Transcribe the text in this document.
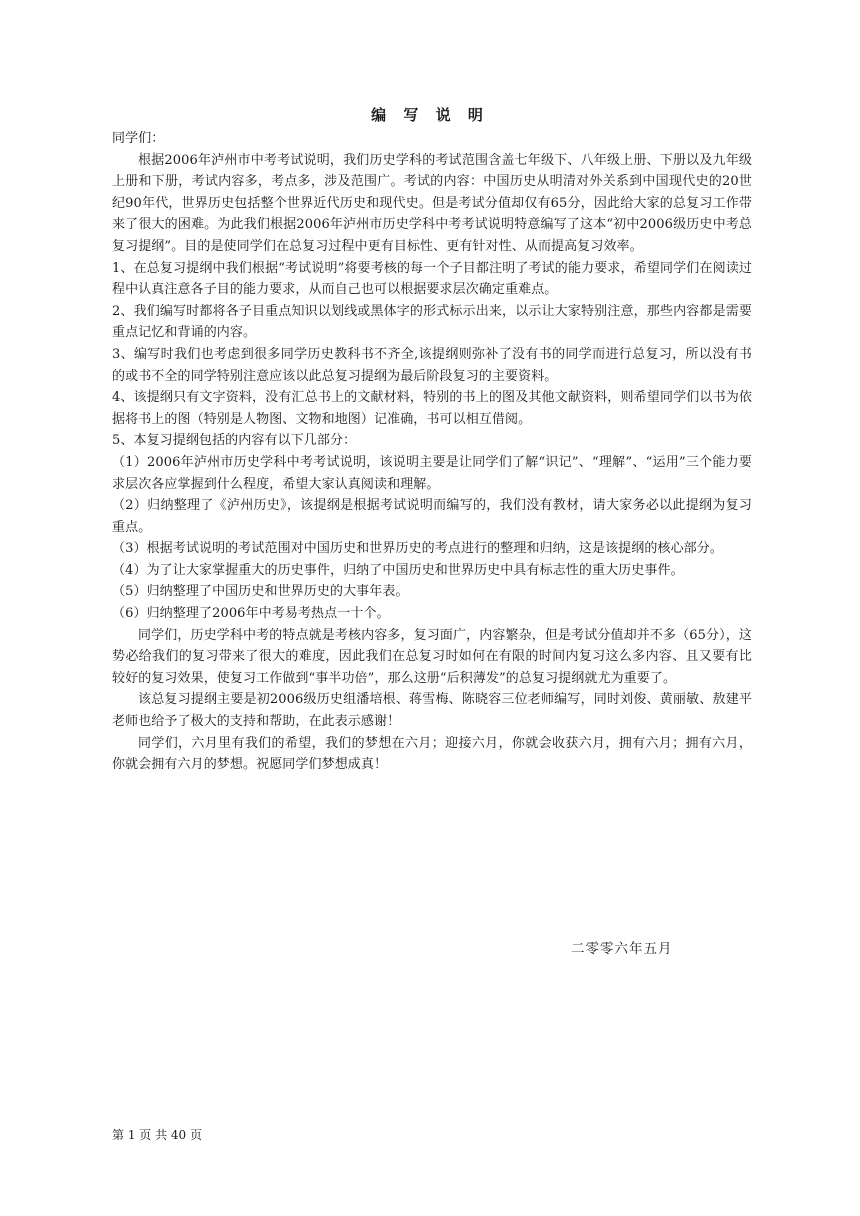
编 写 说 明

同学们：

根据2006年泸州市中考考试说明，我们历史学科的考试范围含盖七年级下、八年级上册、下册以及九年级上册和下册，考试内容多，考点多，涉及范围广。考试的内容：中国历史从明清对外关系到中国现代史的20世纪90年代，世界历史包括整个世界近代历史和现代史。但是考试分值却仅有65分，因此给大家的总复习工作带来了很大的困难。为此我们根据2006年泸州市历史学科中考考试说明特意编写了这本“初中2006级历史中考总复习提纲”。目的是使同学们在总复习过程中更有目标性、更有针对性、从而提高复习效率。

1、在总复习提纲中我们根据“考试说明”将要考核的每一个子目都注明了考试的能力要求，希望同学们在阅读过程中认真注意各子目的能力要求，从而自己也可以根据要求层次确定重难点。

2、我们编写时都将各子目重点知识以划线或黑体字的形式标示出来，以示让大家特别注意，那些内容都是需要重点记忆和背诵的内容。

3、编写时我们也考虑到很多同学历史教科书不齐全,该提纲则弥补了没有书的同学而进行总复习，所以没有书的或书不全的同学特别注意应该以此总复习提纲为最后阶段复习的主要资料。

4、该提纲只有文字资料，没有汇总书上的文献材料，特别的书上的图及其他文献资料，则希望同学们以书为依据将书上的图（特别是人物图、文物和地图）记准确，书可以相互借阅。

5、本复习提纲包括的内容有以下几部分：

（1）2006年泸州市历史学科中考考试说明，该说明主要是让同学们了解“识记”、“理解”、“运用”三个能力要求层次各应掌握到什么程度，希望大家认真阅读和理解。

（2）归纳整理了《泸州历史》，该提纲是根据考试说明而编写的，我们没有教材，请大家务必以此提纲为复习重点。

（3）根据考试说明的考试范围对中国历史和世界历史的考点进行的整理和归纳，这是该提纲的核心部分。

（4）为了让大家掌握重大的历史事件，归纳了中国历史和世界历史中具有标志性的重大历史事件。

（5）归纳整理了中国历史和世界历史的大事年表。

（6）归纳整理了2006年中考易考热点一十个。

同学们，历史学科中考的特点就是考核内容多，复习面广，内容繁杂，但是考试分值却并不多（65分），这势必给我们的复习带来了很大的难度，因此我们在总复习时如何在有限的时间内复习这么多内容、且又要有比较好的复习效果，使复习工作做到“事半功倍”，那么这册“后积薄发”的总复习提纲就尤为重要了。

该总复习提纲主要是初2006级历史组潘培根、蒋雪梅、陈晓容三位老师编写，同时刘俊、黄丽敏、敖建平老师也给予了极大的支持和帮助，在此表示感谢！

同学们，六月里有我们的希望，我们的梦想在六月；迎接六月，你就会收获六月，拥有六月；拥有六月，你就会拥有六月的梦想。祝愿同学们梦想成真！

二零零六年五月
第 1 页 共 40 页
